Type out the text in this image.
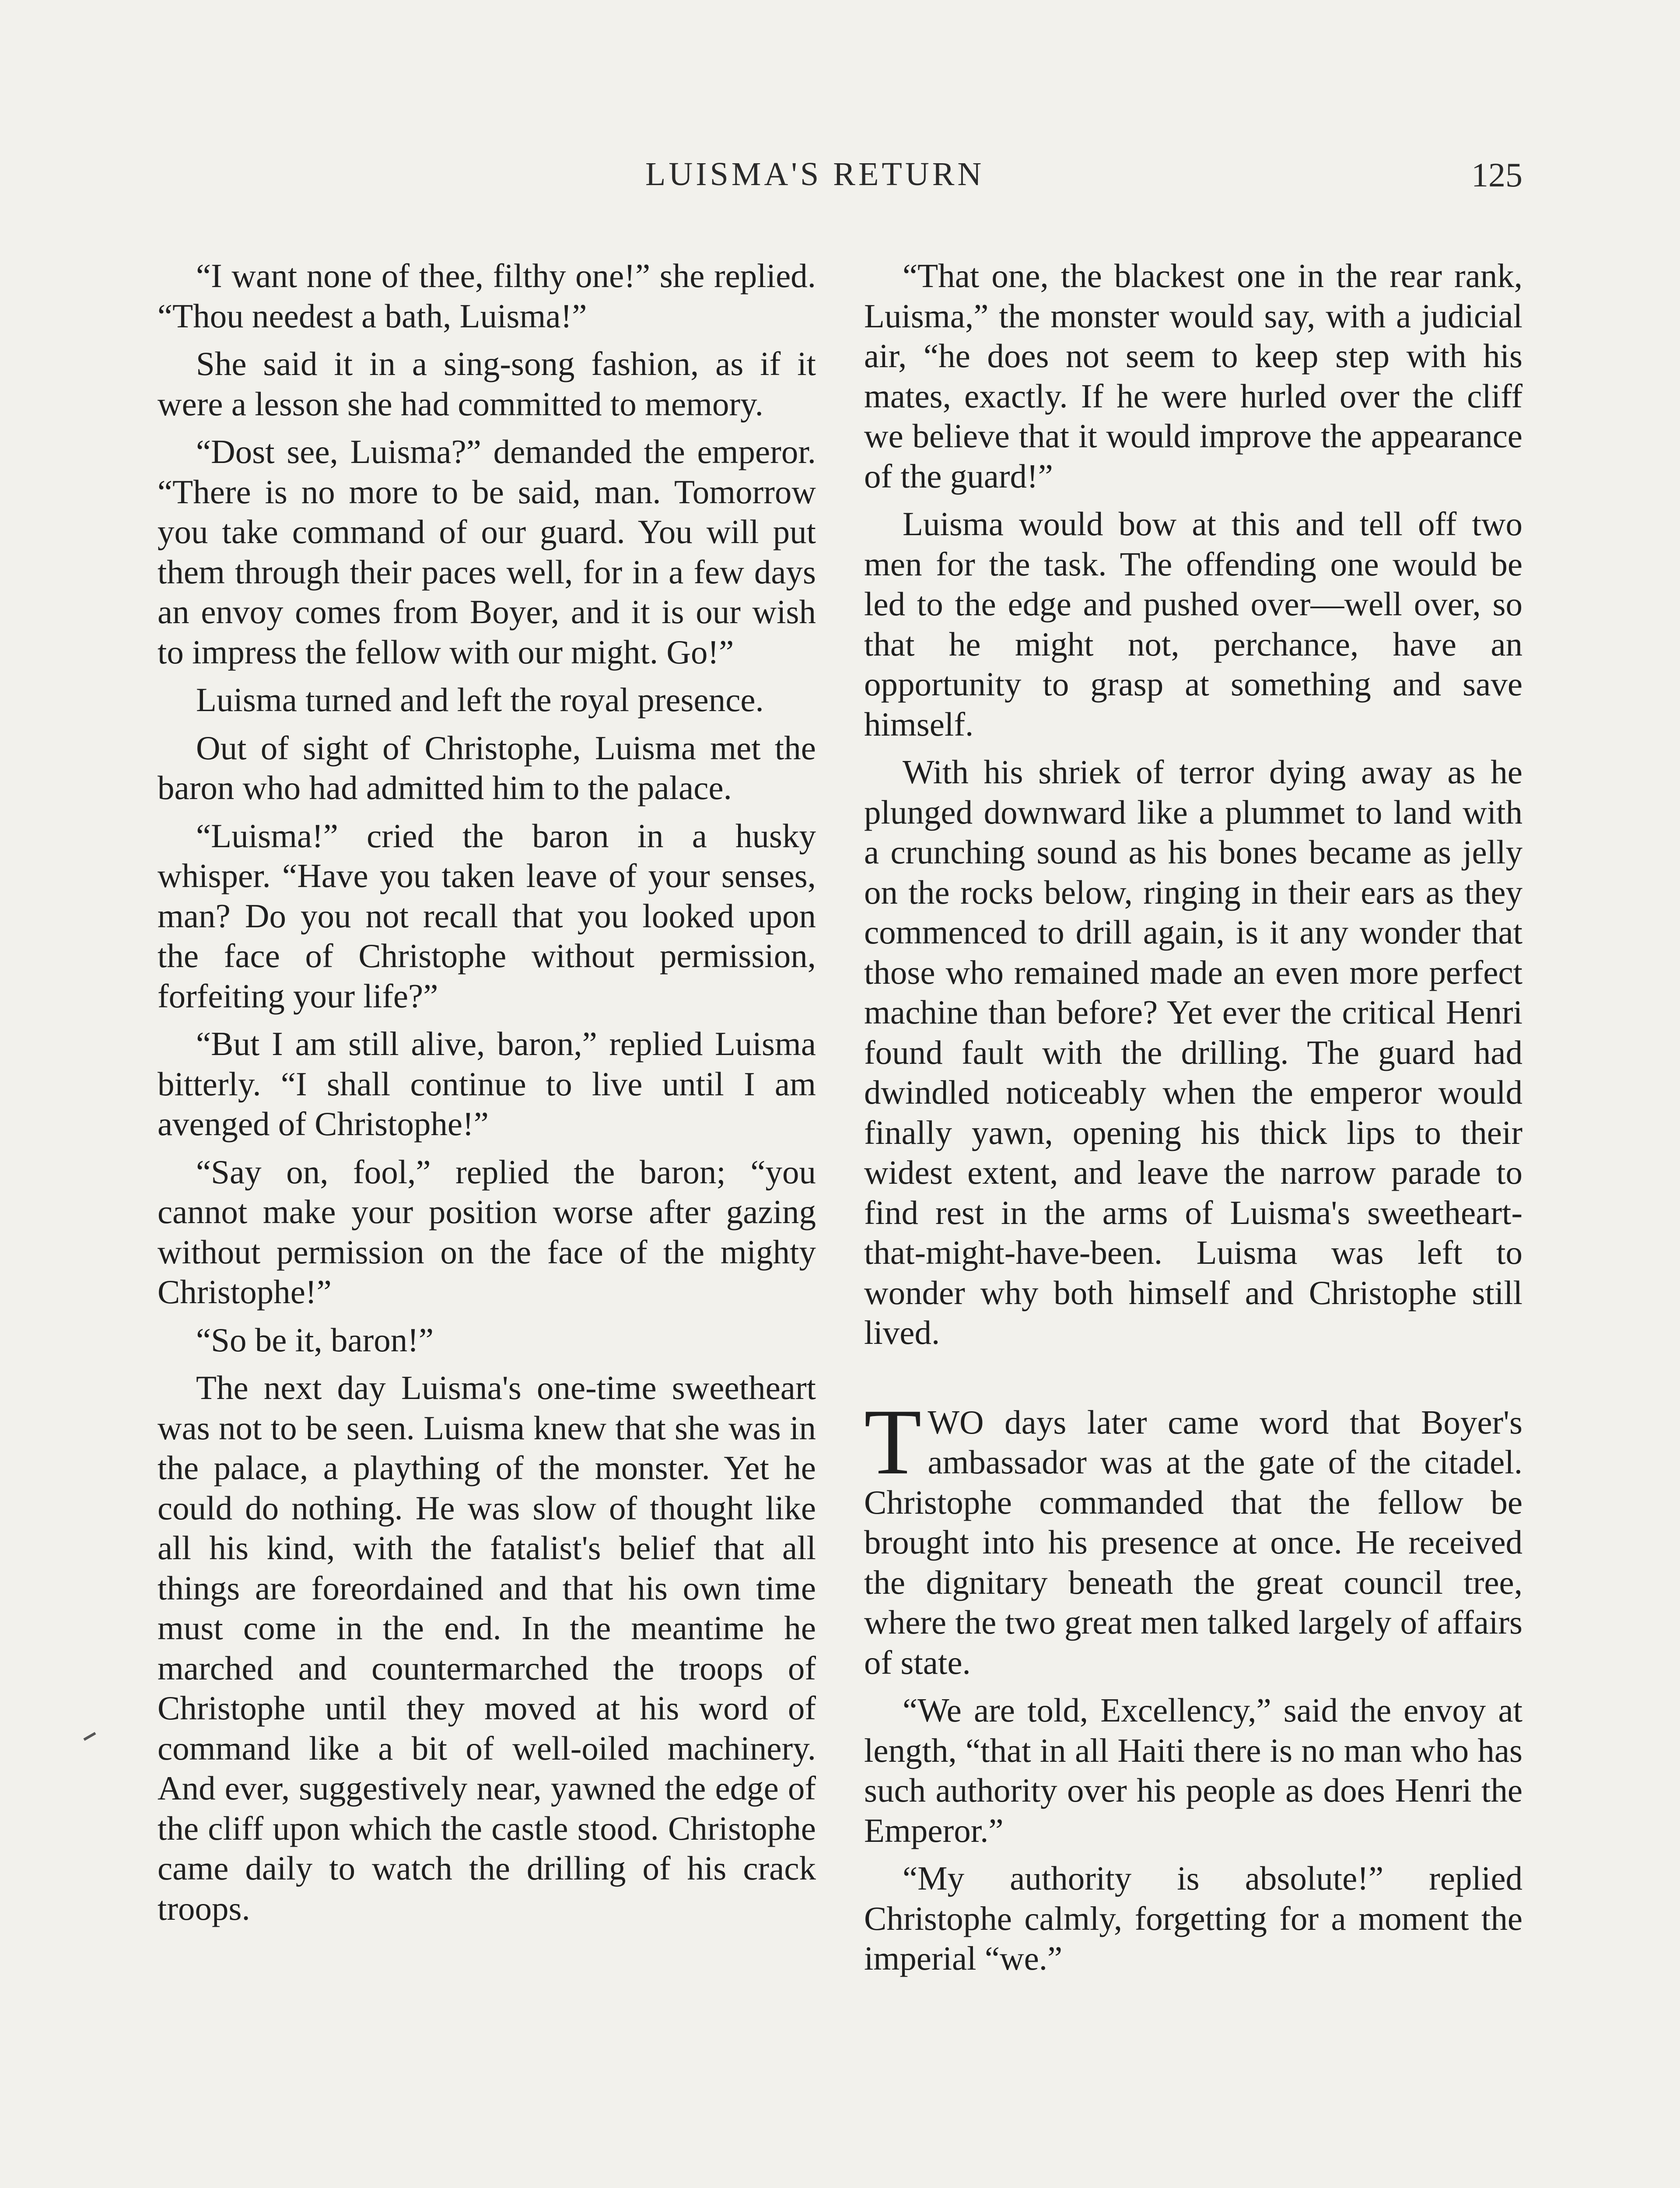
LUISMA'S RETURN	125

“I want none of thee, filthy one!” she replied. “Thou needest a bath, Luisma!”

She said it in a sing-song fashion, as if it were a lesson she had committed to memory.

“Dost see, Luisma?” demanded the emperor. “There is no more to be said, man. Tomorrow you take command of our guard. You will put them through their paces well, for in a few days an envoy comes from Boyer, and it is our wish to impress the fellow with our might. Go!”

Luisma turned and left the royal presence.

Out of sight of Christophe, Luisma met the baron who had admitted him to the palace.

“Luisma!” cried the baron in a husky whisper. “Have you taken leave of your senses, man? Do you not recall that you looked upon the face of Christophe without permission, forfeiting your life?”

“But I am still alive, baron,” replied Luisma bitterly. “I shall continue to live until I am avenged of Christophe!”

“Say on, fool,” replied the baron; “you cannot make your position worse after gazing without permission on the face of the mighty Christophe!”

“So be it, baron!”

The next day Luisma's one-time sweetheart was not to be seen. Luisma knew that she was in the palace, a plaything of the monster. Yet he could do nothing. He was slow of thought like all his kind, with the fatalist's belief that all things are foreordained and that his own time must come in the end. In the meantime he marched and countermarched the troops of Christophe until they moved at his word of command like a bit of well-oiled machinery. And ever, suggestively near, yawned the edge of the cliff upon which the castle stood. Christophe came daily to watch the drilling of his crack troops.

“That one, the blackest one in the rear rank, Luisma,” the monster would say, with a judicial air, “he does not seem to keep step with his mates, exactly. If he were hurled over the cliff we believe that it would improve the appearance of the guard!”

Luisma would bow at this and tell off two men for the task. The offending one would be led to the edge and pushed over—well over, so that he might not, perchance, have an opportunity to grasp at something and save himself.

With his shriek of terror dying away as he plunged downward like a plummet to land with a crunching sound as his bones became as jelly on the rocks below, ringing in their ears as they commenced to drill again, is it any wonder that those who remained made an even more perfect machine than before? Yet ever the critical Henri found fault with the drilling. The guard had dwindled noticeably when the emperor would finally yawn, opening his thick lips to their widest extent, and leave the narrow parade to find rest in the arms of Luisma's sweetheart-that-might-have-been. Luisma was left to wonder why both himself and Christophe still lived.

TWO days later came word that Boyer's ambassador was at the gate of the citadel. Christophe commanded that the fellow be brought into his presence at once. He received the dignitary beneath the great council tree, where the two great men talked largely of affairs of state.

“We are told, Excellency,” said the envoy at length, “that in all Haiti there is no man who has such authority over his people as does Henri the Emperor.”

“My authority is absolute!” replied Christophe calmly, forgetting for a moment the imperial “we.”
